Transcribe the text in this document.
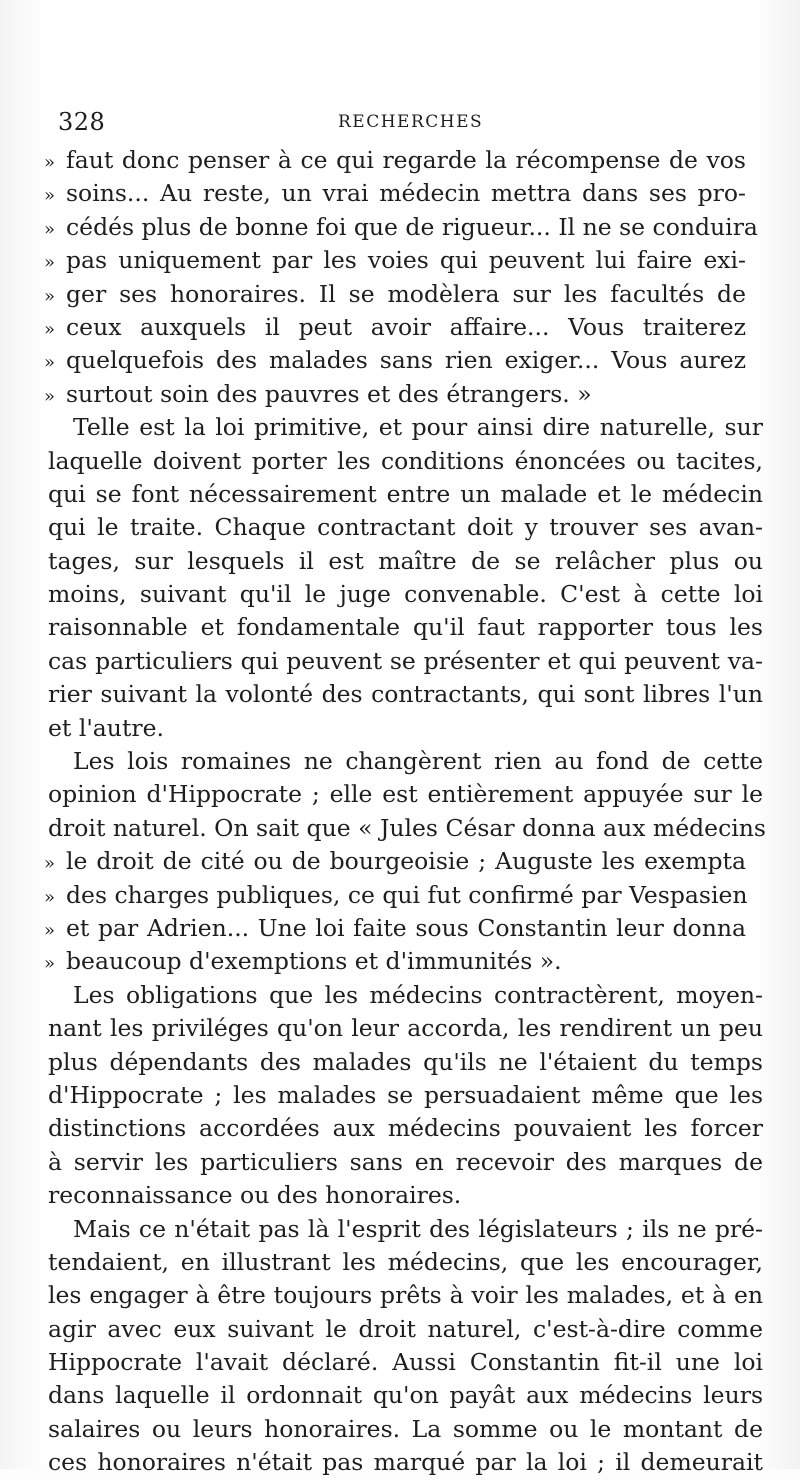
328	RECHERCHES
» faut donc penser à ce qui regarde la récompense de vos
» soins... Au reste, un vrai médecin mettra dans ses pro-
» cédés plus de bonne foi que de rigueur... Il ne se conduira
» pas uniquement par les voies qui peuvent lui faire exi-
» ger ses honoraires. Il se modèlera sur les facultés de
» ceux auxquels il peut avoir affaire... Vous traiterez
» quelquefois des malades sans rien exiger... Vous aurez
» surtout soin des pauvres et des étrangers. »
Telle est la loi primitive, et pour ainsi dire naturelle, sur
laquelle doivent porter les conditions énoncées ou tacites,
qui se font nécessairement entre un malade et le médecin
qui le traite. Chaque contractant doit y trouver ses avan-
tages, sur lesquels il est maître de se relâcher plus ou
moins, suivant qu'il le juge convenable. C'est à cette loi
raisonnable et fondamentale qu'il faut rapporter tous les
cas particuliers qui peuvent se présenter et qui peuvent va-
rier suivant la volonté des contractants, qui sont libres l'un
et l'autre.
Les lois romaines ne changèrent rien au fond de cette
opinion d'Hippocrate ; elle est entièrement appuyée sur le
droit naturel. On sait que « Jules César donna aux médecins
» le droit de cité ou de bourgeoisie ; Auguste les exempta
» des charges publiques, ce qui fut confirmé par Vespasien
» et par Adrien... Une loi faite sous Constantin leur donna
» beaucoup d'exemptions et d'immunités ».
Les obligations que les médecins contractèrent, moyen-
nant les priviléges qu'on leur accorda, les rendirent un peu
plus dépendants des malades qu'ils ne l'étaient du temps
d'Hippocrate ; les malades se persuadaient même que les
distinctions accordées aux médecins pouvaient les forcer
à servir les particuliers sans en recevoir des marques de
reconnaissance ou des honoraires.
Mais ce n'était pas là l'esprit des législateurs ; ils ne pré-
tendaient, en illustrant les médecins, que les encourager,
les engager à être toujours prêts à voir les malades, et à en
agir avec eux suivant le droit naturel, c'est-à-dire comme
Hippocrate l'avait déclaré. Aussi Constantin fit-il une loi
dans laquelle il ordonnait qu'on payât aux médecins leurs
salaires ou leurs honoraires. La somme ou le montant de
ces honoraires n'était pas marqué par la loi ; il demeurait
